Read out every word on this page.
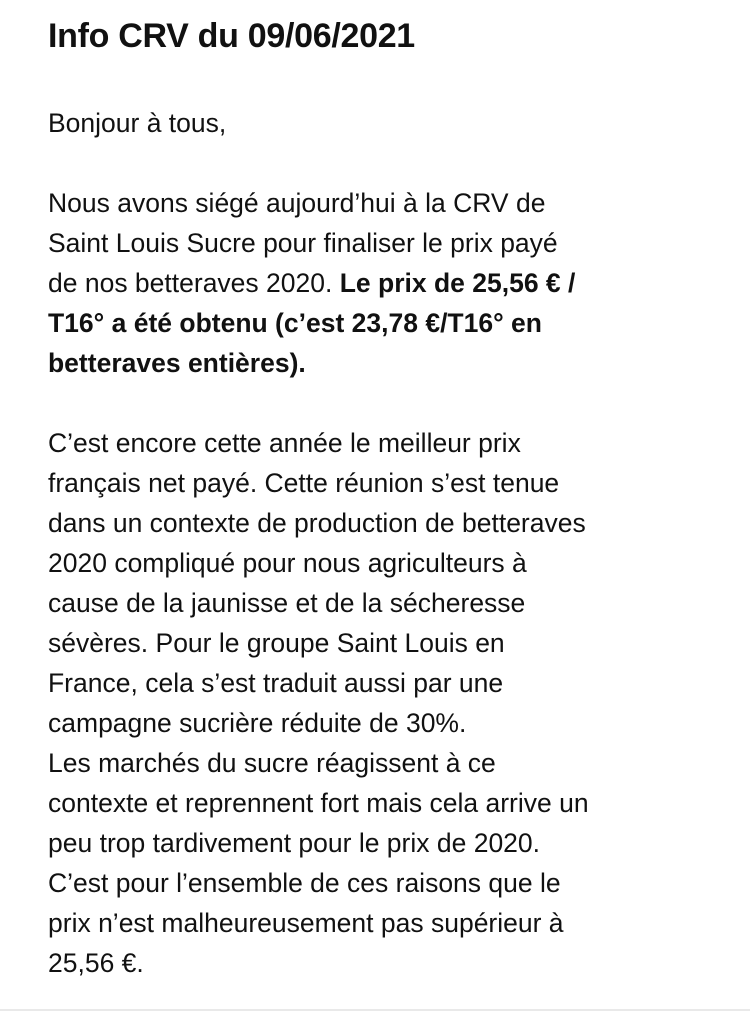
Info CRV du 09/06/2021
Bonjour à tous,
Nous avons siégé aujourd’hui à la CRV de
Saint Louis Sucre pour finaliser le prix payé
de nos betteraves 2020. Le prix de 25,56 € /
T16° a été obtenu (c’est 23,78 €/T16° en
betteraves entières).
C’est encore cette année le meilleur prix
français net payé. Cette réunion s’est tenue
dans un contexte de production de betteraves
2020 compliqué pour nous agriculteurs à
cause de la jaunisse et de la sécheresse
sévères. Pour le groupe Saint Louis en
France, cela s’est traduit aussi par une
campagne sucrière réduite de 30%.
Les marchés du sucre réagissent à ce
contexte et reprennent fort mais cela arrive un
peu trop tardivement pour le prix de 2020.
C’est pour l’ensemble de ces raisons que le
prix n’est malheureusement pas supérieur à
25,56 €.
